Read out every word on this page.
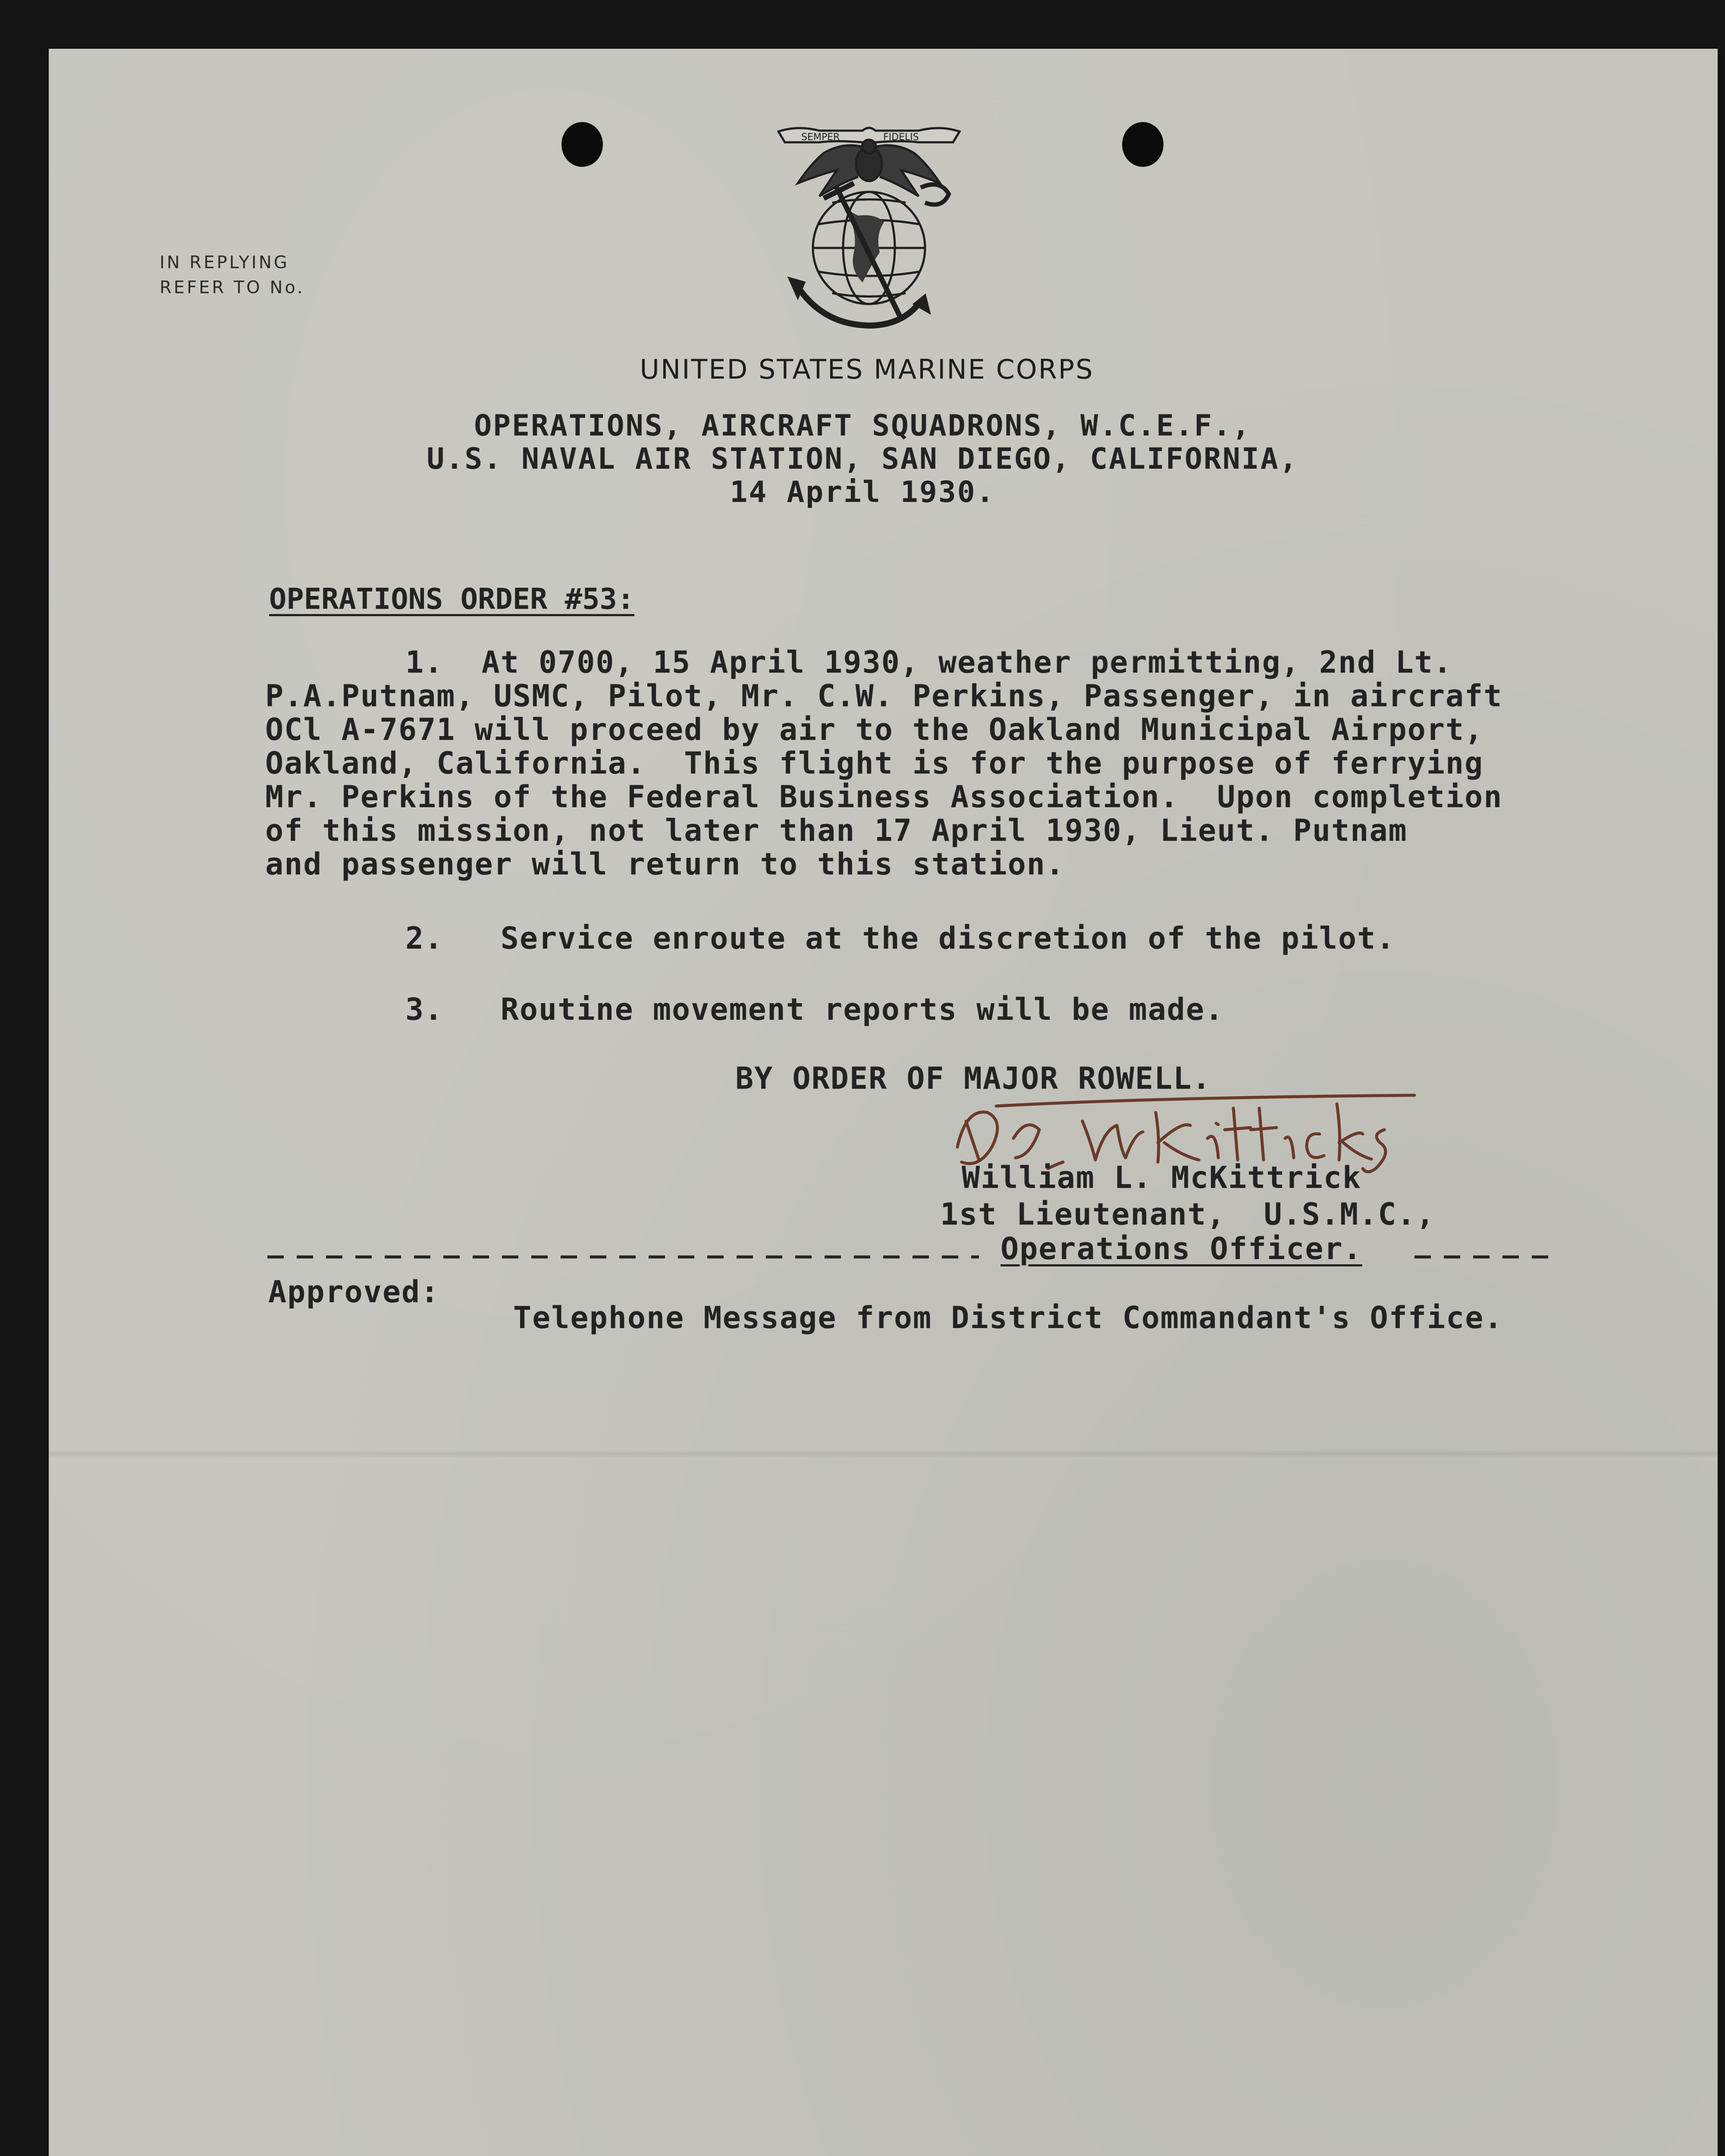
SEMPER	FIDELIS
IN REPLYING
REFER TO No.
UNITED STATES MARINE CORPS
OPERATIONS, AIRCRAFT SQUADRONS, W.C.E.F.,
U.S. NAVAL AIR STATION, SAN DIEGO, CALIFORNIA,
14 April 1930.
OPERATIONS ORDER #53:
1.  At 0700, 15 April 1930, weather permitting, 2nd Lt.
P.A.Putnam, USMC, Pilot, Mr. C.W. Perkins, Passenger, in aircraft
OCl A-7671 will proceed by air to the Oakland Municipal Airport,
Oakland, California.  This flight is for the purpose of ferrying
Mr. Perkins of the Federal Business Association.  Upon completion
of this mission, not later than 17 April 1930, Lieut. Putnam
and passenger will return to this station.
2.   Service enroute at the discretion of the pilot.
3.   Routine movement reports will be made.
BY ORDER OF MAJOR ROWELL.
William L. McKittrick
1st Lieutenant,  U.S.M.C.,
Operations Officer.
Approved:
Telephone Message from District Commandant's Office.
